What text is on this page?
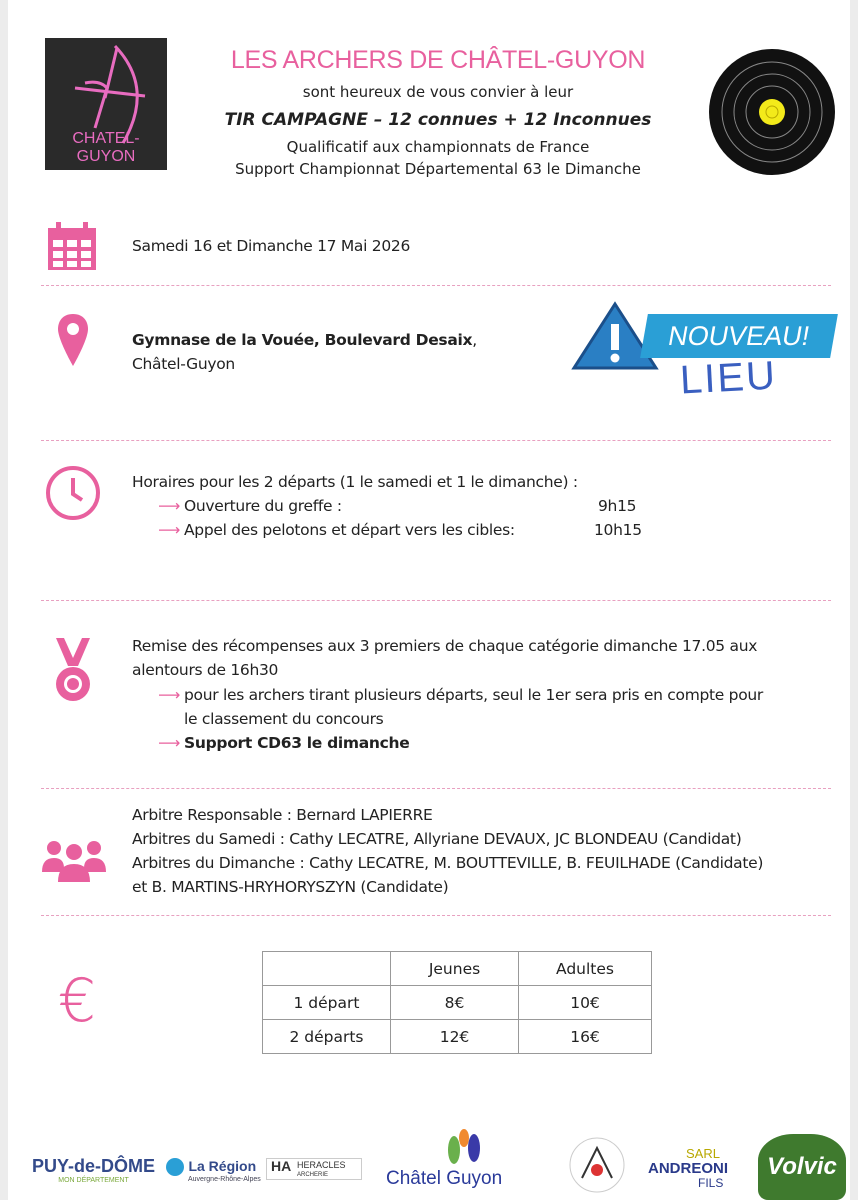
CHATEL-GUYON
LES ARCHERS DE CHÂTEL-GUYON
sont heureux de vous convier à leur
TIR CAMPAGNE – 12 connues + 12 Inconnues
Qualificatif aux championnats de France
Support Championnat Départemental 63 le Dimanche
Samedi 16 et Dimanche 17 Mai 2026
Gymnase de la Vouée, Boulevard Desaix,
Châtel-Guyon
NOUVEAU!
LIEU
Horaires pour les 2 départs (1 le samedi et 1 le dimanche) :
⟶ Ouverture du greffe :	9h15
⟶ Appel des pelotons et départ vers les cibles:	10h15
Remise des récompenses aux 3 premiers de chaque catégorie dimanche 17.05 aux
alentours de 16h30
⟶ pour les archers tirant plusieurs départs, seul le 1er sera pris en compte pour
le classement du concours
⟶ Support CD63 le dimanche
Arbitre Responsable : Bernard LAPIERRE
Arbitres du Samedi : Cathy LECATRE, Allyriane DEVAUX, JC BLONDEAU (Candidat)
Arbitres du Dimanche : Cathy LECATRE, M. BOUTTEVILLE, B. FEUILHADE (Candidate)
et B. MARTINS-HRYHORYSZYN (Candidate)
€
		Jeunes	Adultes
1 départ	8€	10€
2 départs	12€	16€
PUY-de-DÔME
MON DÉPARTEMENT
La Région
Auvergne-Rhône-Alpes
HA HERACLES
ARCHERIE	Châtel Guyon
SARL
ANDREONI
FILS
Volvic
